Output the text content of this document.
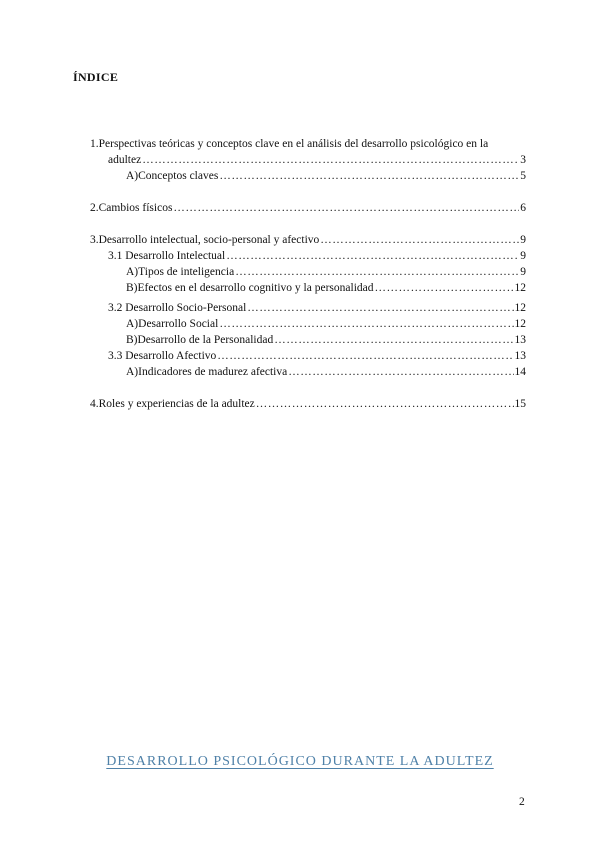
ÍNDICE
1.Perspectivas teóricas y conceptos clave en el análisis del desarrollo psicológico en la
adultez ……………………………………………………………………………………………………………………………………………………………………………………………………………………………	3
A) Conceptos claves ……………………………………………………………………………………………………………………………………………………………………………………………………………………………	5
2. Cambios físicos ……………………………………………………………………………………………………………………………………………………………………………………………………………………………	6
3. Desarrollo intelectual, socio-personal y afectivo ……………………………………………………………………………………………………………………………………………………………………………………………………………………………	9
3.1 Desarrollo Intelectual ……………………………………………………………………………………………………………………………………………………………………………………………………………………………	9
A) Tipos de inteligencia ……………………………………………………………………………………………………………………………………………………………………………………………………………………………	9
B) Efectos en el desarrollo cognitivo y la personalidad ……………………………………………………………………………………………………………………………………………………………………………………………………………………………	12
3.2 Desarrollo Socio-Personal ……………………………………………………………………………………………………………………………………………………………………………………………………………………………	12
A) Desarrollo Social ……………………………………………………………………………………………………………………………………………………………………………………………………………………………	12
B) Desarrollo de la Personalidad ……………………………………………………………………………………………………………………………………………………………………………………………………………………………	13
3.3 Desarrollo Afectivo ……………………………………………………………………………………………………………………………………………………………………………………………………………………………	13
A) Indicadores de madurez afectiva ……………………………………………………………………………………………………………………………………………………………………………………………………………………………	14
4. Roles y experiencias de la adultez ……………………………………………………………………………………………………………………………………………………………………………………………………………………………	15
DESARROLLO PSICOLÓGICO DURANTE LA ADULTEZ
2
